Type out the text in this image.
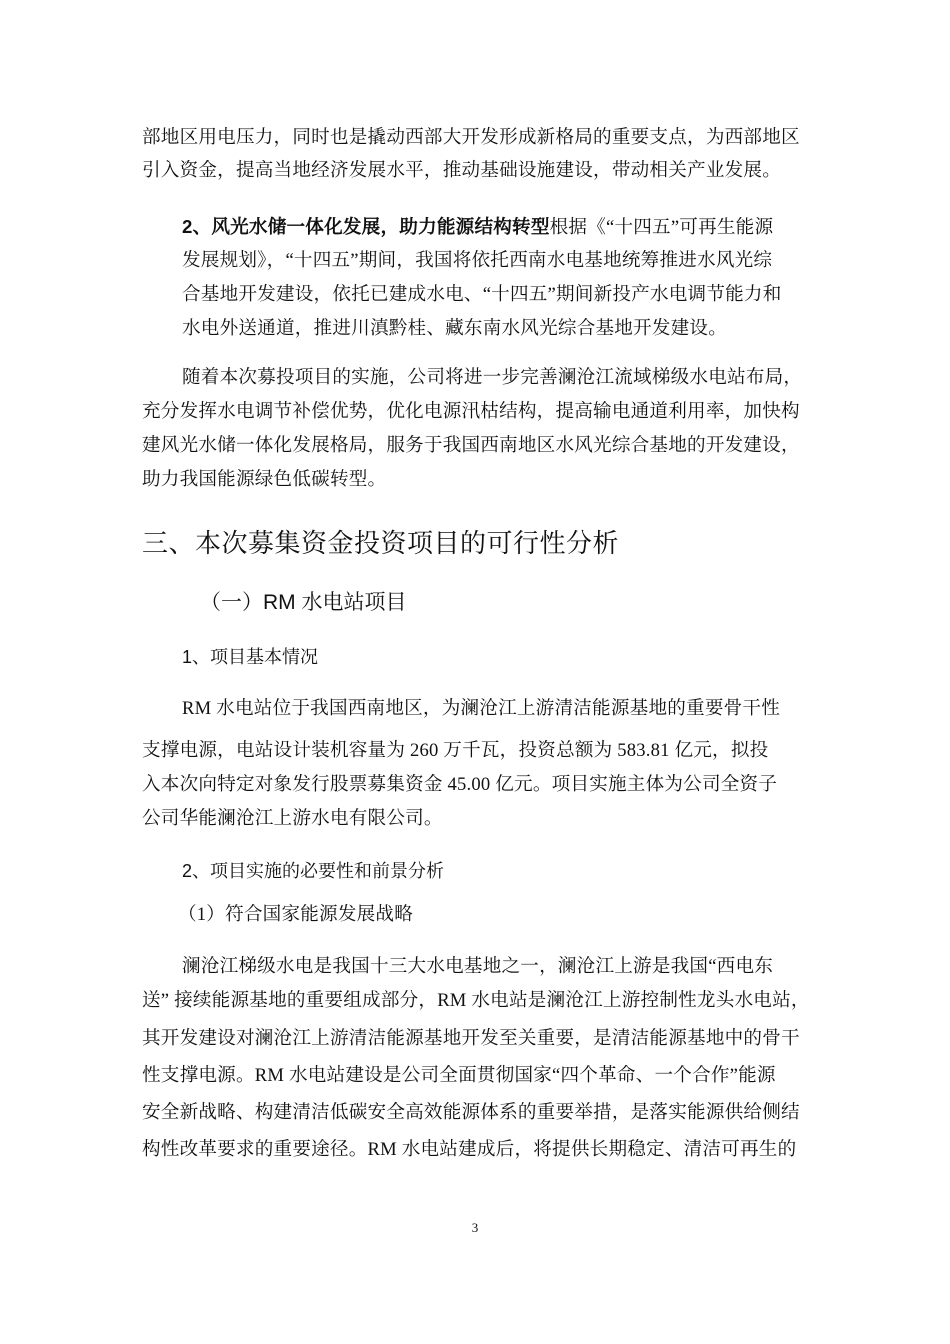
部地区用电压力，同时也是撬动西部大开发形成新格局的重要支点，为西部地区
引入资金，提高当地经济发展水平，推动基础设施建设，带动相关产业发展。
2、风光水储一体化发展，助力能源结构转型根据《“十四五”可再生能源
发展规划》，“十四五”期间，我国将依托西南水电基地统筹推进水风光综
合基地开发建设，依托已建成水电、“十四五”期间新投产水电调节能力和
水电外送通道，推进川滇黔桂、藏东南水风光综合基地开发建设。
随着本次募投项目的实施，公司将进一步完善澜沧江流域梯级水电站布局，
充分发挥水电调节补偿优势，优化电源汛枯结构，提高输电通道利用率，加快构
建风光水储一体化发展格局，服务于我国西南地区水风光综合基地的开发建设，
助力我国能源绿色低碳转型。
三、本次募集资金投资项目的可行性分析
（一）RM 水电站项目
1、项目基本情况
RM 水电站位于我国西南地区，为澜沧江上游清洁能源基地的重要骨干性
支撑电源，电站设计装机容量为 260 万千瓦，投资总额为 583.81 亿元，拟投
入本次向特定对象发行股票募集资金 45.00 亿元。项目实施主体为公司全资子
公司华能澜沧江上游水电有限公司。
2、项目实施的必要性和前景分析
（1）符合国家能源发展战略
澜沧江梯级水电是我国十三大水电基地之一，澜沧江上游是我国“西电东
送” 接续能源基地的重要组成部分，RM 水电站是澜沧江上游控制性龙头水电站，
其开发建设对澜沧江上游清洁能源基地开发至关重要，是清洁能源基地中的骨干
性支撑电源。RM 水电站建设是公司全面贯彻国家“四个革命、一个合作”能源
安全新战略、构建清洁低碳安全高效能源体系的重要举措，是落实能源供给侧结
构性改革要求的重要途径。RM 水电站建成后，将提供长期稳定、清洁可再生的
3
